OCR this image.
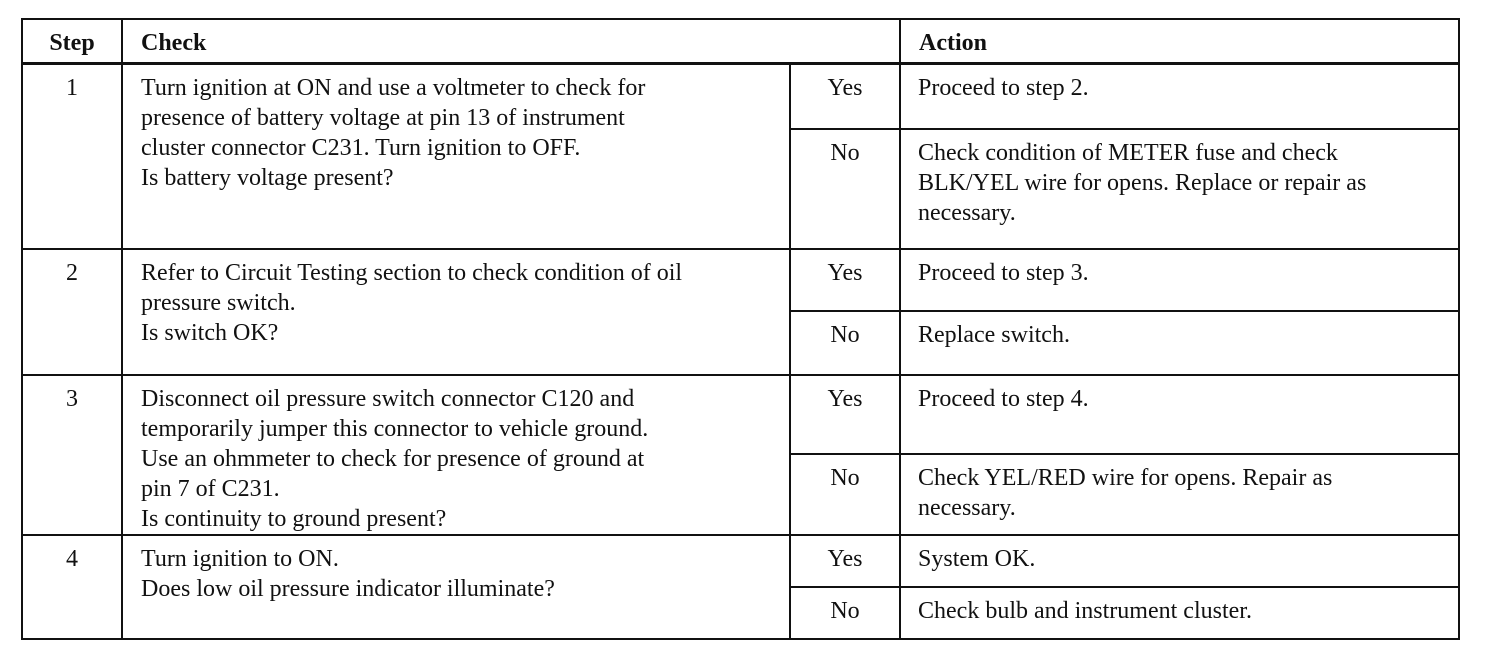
Step	Check		Action
1	Turn ignition at ON and use a voltmeter to check for
presence of battery voltage at pin 13 of instrument
cluster connector C231. Turn ignition to OFF.
Is battery voltage present?	Yes	Proceed to step 2.
		No	Check condition of METER fuse and check
BLK/YEL wire for opens. Replace or repair as
necessary.

2	Refer to Circuit Testing section to check condition of oil
pressure switch.
Is switch OK?	Yes	Proceed to step 3.
		No	Replace switch.

3	Disconnect oil pressure switch connector C120 and
temporarily jumper this connector to vehicle ground.
Use an ohmmeter to check for presence of ground at
pin 7 of C231.
Is continuity to ground present?	Yes	Proceed to step 4.
		No	Check YEL/RED wire for opens. Repair as
necessary.

4	Turn ignition to ON.
Does low oil pressure indicator illuminate?	Yes	System OK.
		No	Check bulb and instrument cluster.
